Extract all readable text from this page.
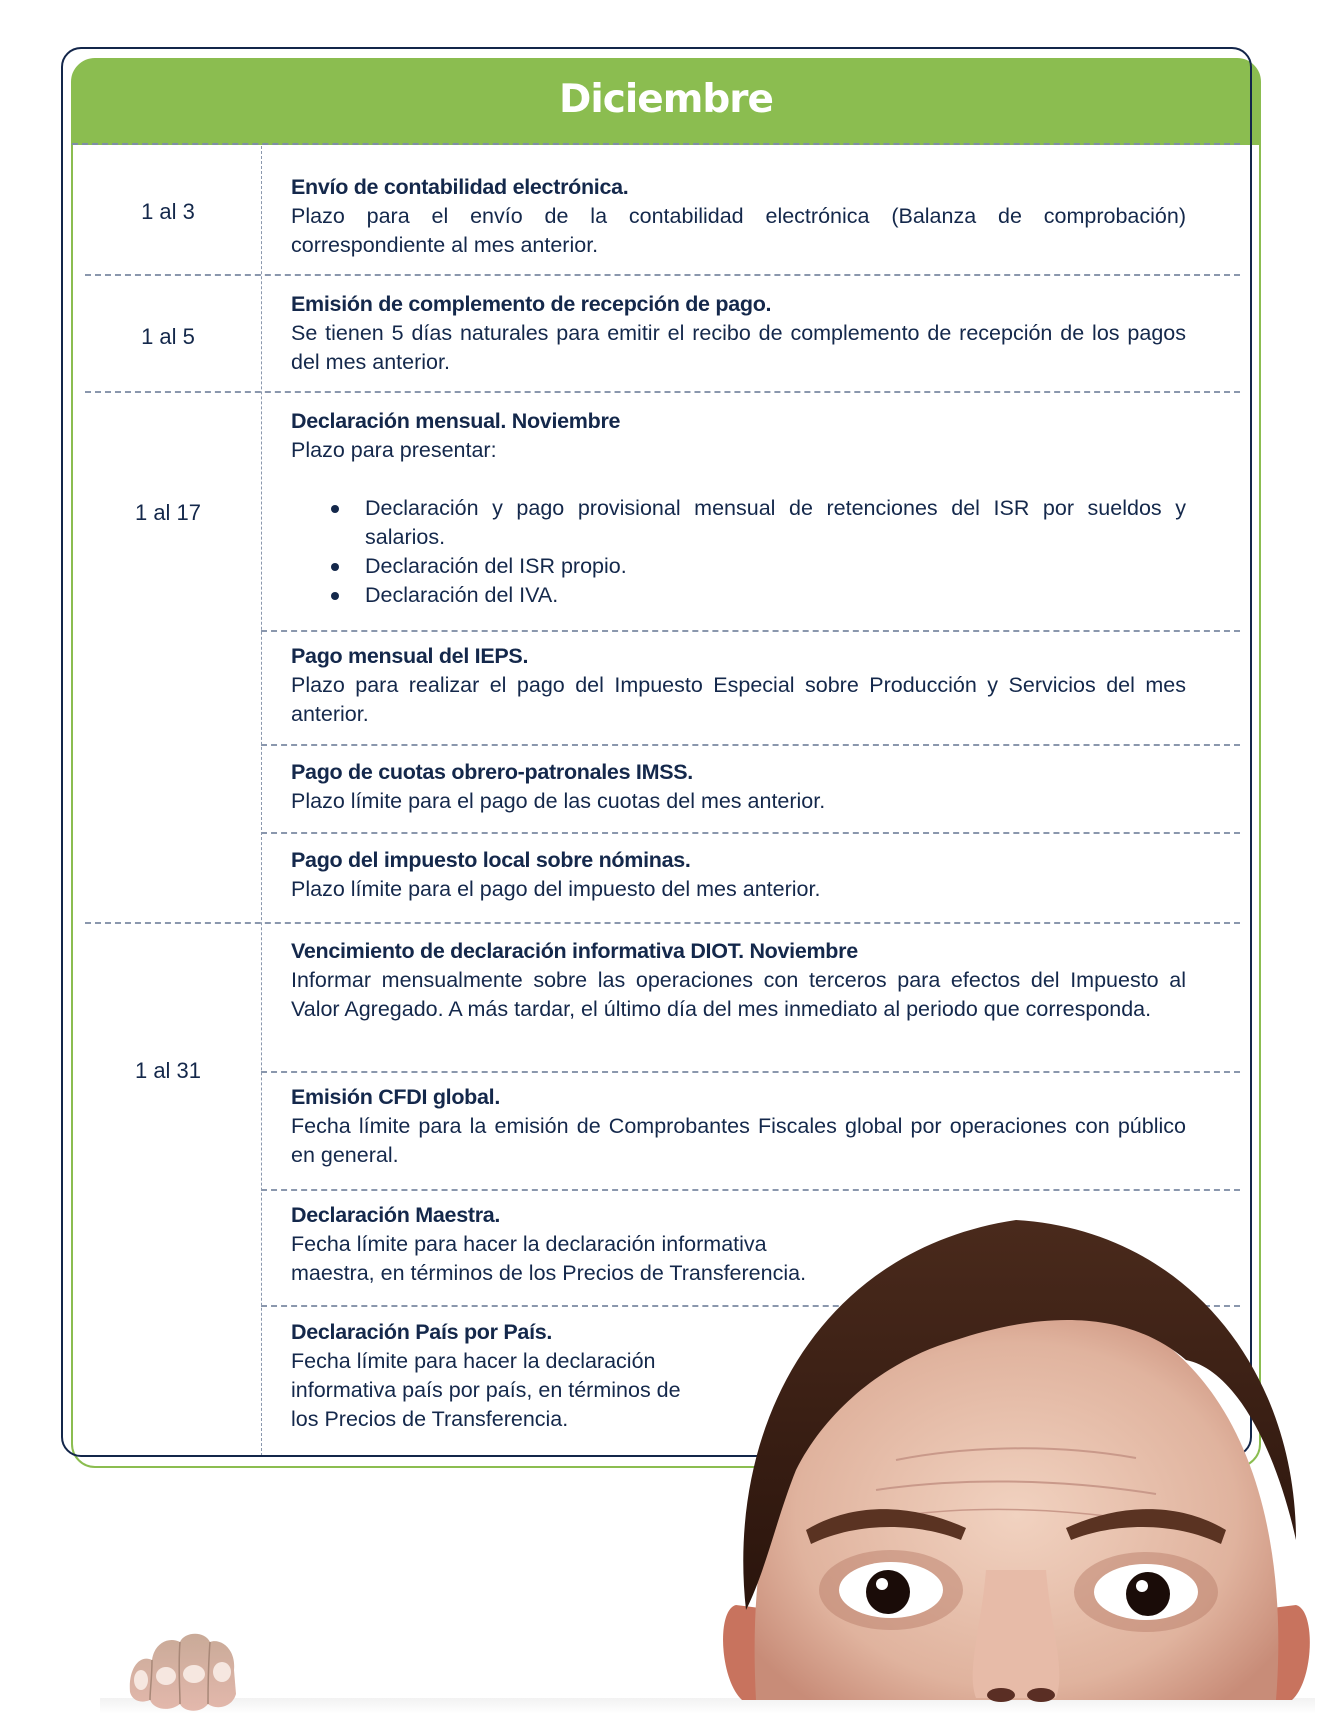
Diciembre
1 al 3
1 al 5
1 al 17
1 al 31
Envío de contabilidad electrónica.
Plazo para el envío de la contabilidad electrónica (Balanza de comprobación) correspondiente al mes anterior.
Emisión de complemento de recepción de pago.
Se tienen 5 días naturales para emitir el recibo de complemento de recepción de los pagos del mes anterior.
Declaración mensual. Noviembre
Plazo para presentar:
Declaración y pago provisional mensual de retenciones del ISR por sueldos y salarios.
Declaración del ISR propio.
Declaración del IVA.
Pago mensual del IEPS.
Plazo para realizar el pago del Impuesto Especial sobre Producción y Servicios del mes anterior.
Pago de cuotas obrero-patronales IMSS.
Plazo límite para el pago de las cuotas del mes anterior.
Pago del impuesto local sobre nóminas.
Plazo límite para el pago del impuesto del mes anterior.
Vencimiento de declaración informativa DIOT. Noviembre
Informar mensualmente sobre las operaciones con terceros para efectos del Impuesto al Valor Agregado. A más tardar, el último día del mes inmediato al periodo que corresponda.
Emisión CFDI global.
Fecha límite para la emisión de Comprobantes Fiscales global por operaciones con público en general.
Declaración Maestra.
Fecha límite para hacer la declaración informativa
maestra, en términos de los Precios de Transferencia.
Declaración País por País.
Fecha límite para hacer la declaración
informativa país por país, en términos de
los Precios de Transferencia.
